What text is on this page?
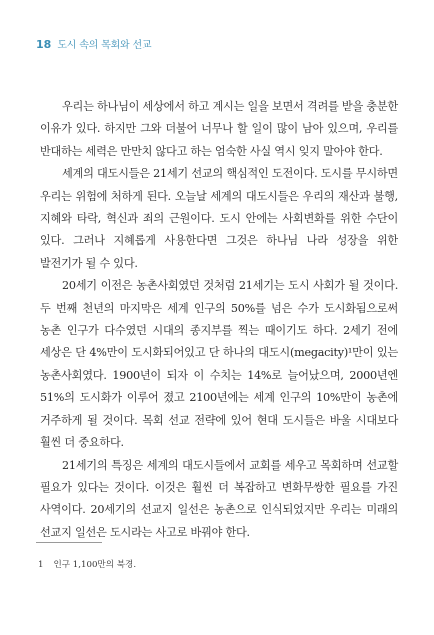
18 도시 속의 목회와 선교

우리는 하나님이 세상에서 하고 계시는 일을 보면서 격려를 받을 충분한 이유가 있다. 하지만 그와 더불어 너무나 할 일이 많이 남아 있으며, 우리를 반대하는 세력은 만만치 않다고 하는 엄숙한 사실 역시 잊지 말아야 한다.

세계의 대도시들은 21세기 선교의 핵심적인 도전이다. 도시를 무시하면 우리는 위험에 처하게 된다. 오늘날 세계의 대도시들은 우리의 재산과 불행, 지혜와 타락, 혁신과 죄의 근원이다. 도시 안에는 사회변화를 위한 수단이 있다. 그러나 지혜롭게 사용한다면 그것은 하나님 나라 성장을 위한 발전기가 될 수 있다.

20세기 이전은 농촌사회였던 것처럼 21세기는 도시 사회가 될 것이다. 두 번째 천년의 마지막은 세계 인구의 50%를 넘은 수가 도시화됨으로써 농촌 인구가 다수였던 시대의 종지부를 찍는 때이기도 하다. 2세기 전에 세상은 단 4%만이 도시화되어있고 단 하나의 대도시(megacity)¹만이 있는 농촌사회였다. 1900년이 되자 이 수치는 14%로 늘어났으며, 2000년엔 51%의 도시화가 이루어 졌고 2100년에는 세계 인구의 10%만이 농촌에 거주하게 될 것이다. 목회 선교 전략에 있어 현대 도시들은 바울 시대보다 훨씬 더 중요하다.

21세기의 특징은 세계의 대도시들에서 교회를 세우고 목회하며 선교할 필요가 있다는 것이다. 이것은 훨씬 더 복잡하고 변화무쌍한 필요를 가진 사역이다. 20세기의 선교지 일선은 농촌으로 인식되었지만 우리는 미래의 선교지 일선은 도시라는 사고로 바꿔야 한다.

1 인구 1,100만의 북경.
